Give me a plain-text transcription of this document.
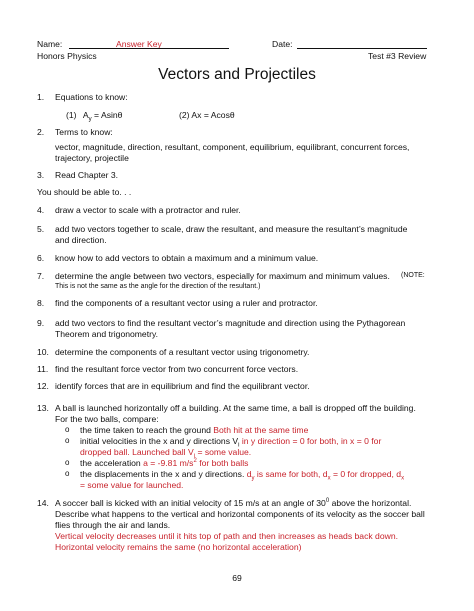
Name:	Answer Key	Date:
Honors Physics	Test #3 Review
Vectors and Projectiles
1. Equations to know:
(1) $A_y = Asin\theta$	(2) Ax = Acosθ
2. Terms to know:
vector, magnitude, direction, resultant, component, equilibrium, equilibrant, concurrent forces,
trajectory, projectile
3. Read Chapter 3.
You should be able to. . .
4. draw a vector to scale with a protractor and ruler.
5. add two vectors together to scale, draw the resultant, and measure the resultant’s magnitude
and direction.
6. know how to add vectors to obtain a maximum and a minimum value.
7. determine the angle between two vectors, especially for maximum and minimum values. (NOTE:
This is not the same as the angle for the direction of the resultant.)
8. find the components of a resultant vector using a ruler and protractor.
9. add two vectors to find the resultant vector’s magnitude and direction using the Pythagorean
Theorem and trigonometry.
10. determine the components of a resultant vector using trigonometry.
11. find the resultant force vector from two concurrent force vectors.
12. identify forces that are in equilibrium and find the equilibrant vector.
13. A ball is launched horizontally off a building. At the same time, a ball is dropped off the building.
For the two balls, compare:
o the time taken to reach the ground Both hit at the same time
o initial velocities in the x and y directions $V_i$ in y direction = 0 for both, in x = 0 for
dropped ball. Launched ball $V_i$ = some value.
o the acceleration a = -9.81 $m/s^2$ for both balls
o the displacements in the x and y directions. $d_y$ is same for both, $d_x = 0$ for dropped, $d_x$
= some value for launched.
14. A soccer ball is kicked with an initial velocity of 15 m/s at an angle of $30^0$ above the horizontal.
Describe what happens to the vertical and horizontal components of its velocity as the soccer ball
flies through the air and lands.
Vertical velocity decreases until it hits top of path and then increases as heads back down.
Horizontal velocity remains the same (no horizontal acceleration)
69
